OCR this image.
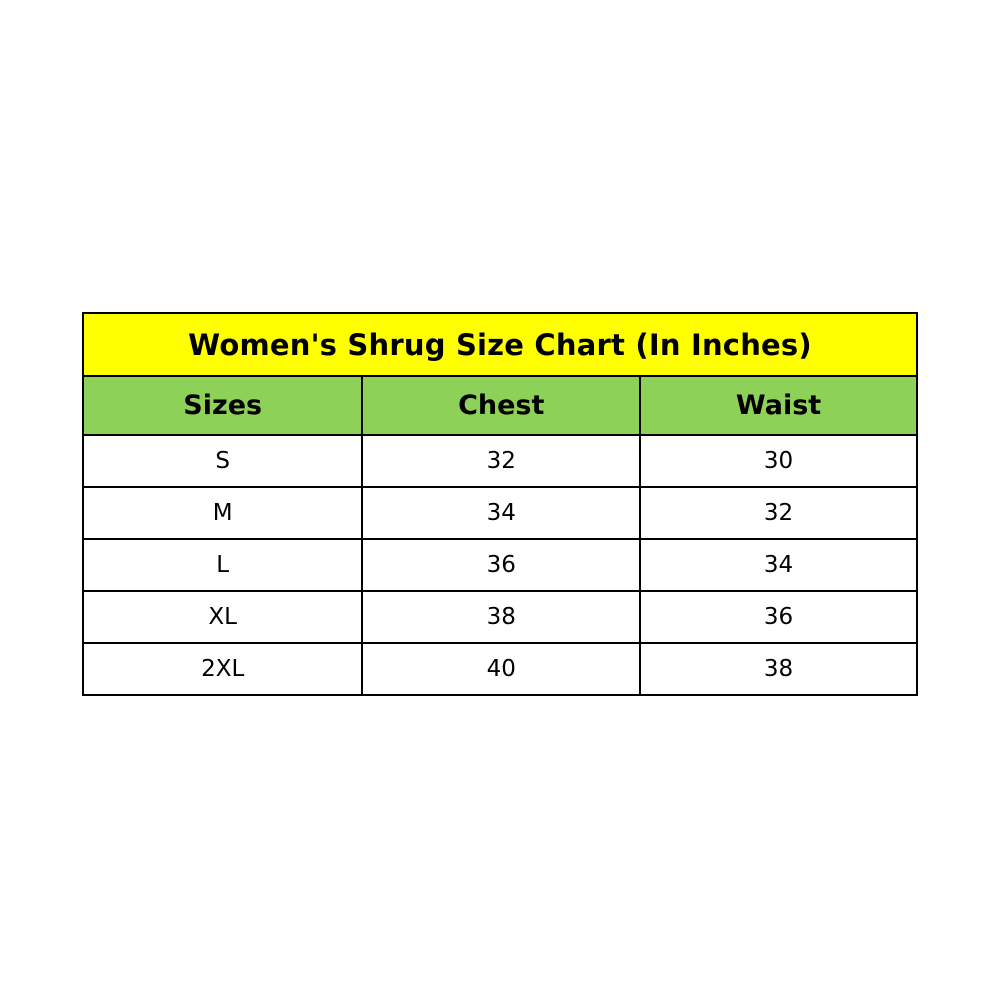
Women's Shrug Size Chart (In Inches)		
Sizes	Chest	Waist
S	32	30
M	34	32
L	36	34
XL	38	36
2XL	40	38
